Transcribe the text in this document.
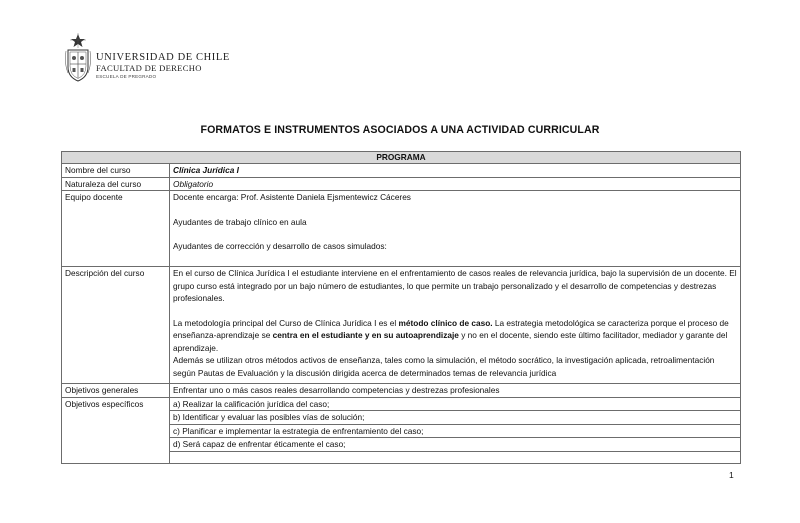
UNIVERSIDAD DE CHILE
FACULTAD DE DERECHO
ESCUELA DE PREGRADO
FORMATOS E INSTRUMENTOS ASOCIADOS A UNA ACTIVIDAD CURRICULAR
PROGRAMA	
Nombre del curso	Clínica Jurídica I
Naturaleza del curso	Obligatorio
Equipo docente	Docente encarga: Prof. Asistente Daniela Ejsmentewicz Cáceres

Ayudantes de trabajo clínico en aula

Ayudantes de corrección y desarrollo de casos simulados:

Descripción del curso	En el curso de Clínica Jurídica I el estudiante interviene en el enfrentamiento de casos reales de relevancia jurídica, bajo la supervisión de un docente. El grupo curso está integrado por un bajo número de estudiantes, lo que permite un trabajo personalizado y el desarrollo de competencias y destrezas profesionales.

La metodología principal del Curso de Clínica Jurídica I es el método clínico de caso. La estrategia metodológica se caracteriza porque el proceso de enseñanza-aprendizaje se centra en el estudiante y en su autoaprendizaje y no en el docente, siendo este último facilitador, mediador y garante del aprendizaje.

Además se utilizan otros métodos activos de enseñanza, tales como la simulación, el método socrático, la investigación aplicada, retroalimentación según Pautas de Evaluación y la discusión dirigida acerca de determinados temas de relevancia jurídica

Objetivos generales	Enfrentar uno o más casos reales desarrollando competencias y destrezas profesionales
Objetivos específicos	a) Realizar la calificación jurídica del caso;
b) Identificar y evaluar las posibles vías de solución;
c) Planificar e implementar la estrategia de enfrentamiento del caso;
d) Será capaz de enfrentar éticamente el caso;
1
